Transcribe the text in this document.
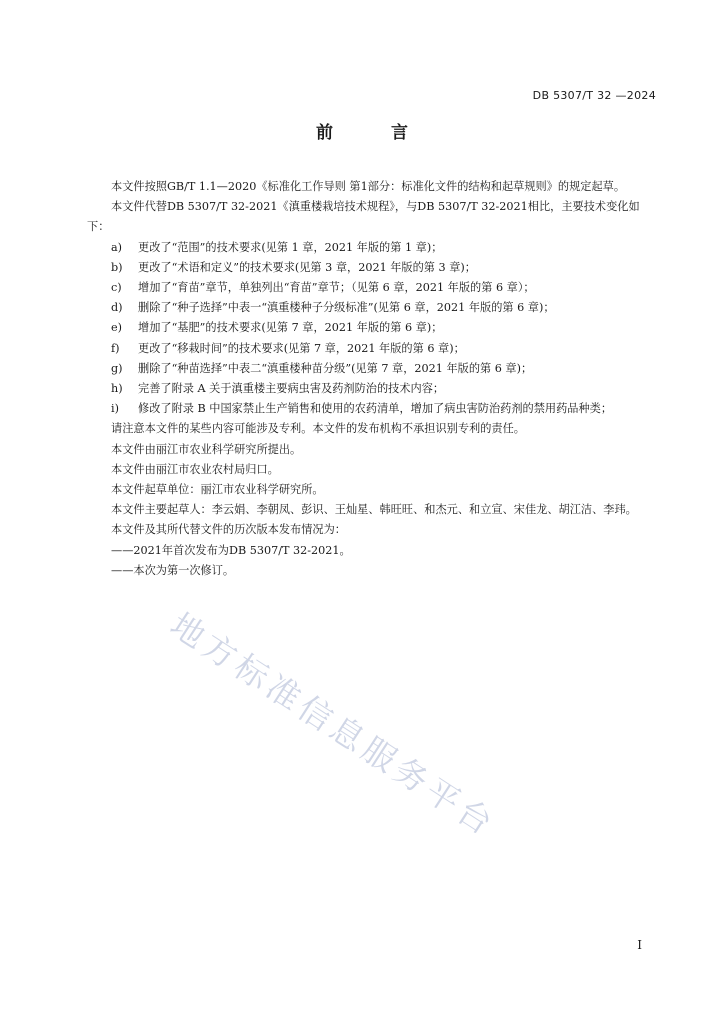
DB 5307/T 32 —2024
前 言

本文件按照GB/T 1.1—2020《标准化工作导则 第1部分：标准化文件的结构和起草规则》的规定起草。

本文件代替DB 5307/T 32-2021《滇重楼栽培技术规程》，与DB 5307/T 32-2021相比，主要技术变化如下：

a) 更改了“范围”的技术要求(见第 1 章，2021 年版的第 1 章)；
b) 更改了“术语和定义”的技术要求(见第 3 章，2021 年版的第 3 章)；
c) 增加了“育苗”章节，单独列出“育苗”章节；（见第 6 章，2021 年版的第 6 章）；
d) 删除了“种子选择”中表一“滇重楼种子分级标准”(见第 6 章，2021 年版的第 6 章)；
e) 增加了“基肥”的技术要求(见第 7 章，2021 年版的第 6 章)；
f) 更改了“移栽时间”的技术要求(见第 7 章，2021 年版的第 6 章)；
g) 删除了“种苗选择”中表二“滇重楼种苗分级”(见第 7 章，2021 年版的第 6 章)；
h) 完善了附录 A 关于滇重楼主要病虫害及药剂防治的技术内容；
i) 修改了附录 B 中国家禁止生产销售和使用的农药清单，增加了病虫害防治药剂的禁用药品种类；

请注意本文件的某些内容可能涉及专利。本文件的发布机构不承担识别专利的责任。

本文件由丽江市农业科学研究所提出。

本文件由丽江市农业农村局归口。

本文件起草单位：丽江市农业科学研究所。

本文件主要起草人：李云娟、李朝凤、彭识、王灿星、韩旺旺、和杰元、和立宣、宋佳龙、胡江洁、李玮。

本文件及其所代替文件的历次版本发布情况为：

——2021年首次发布为DB 5307/T 32-2021。

——本次为第一次修订。

地方标准信息服务平台
I
